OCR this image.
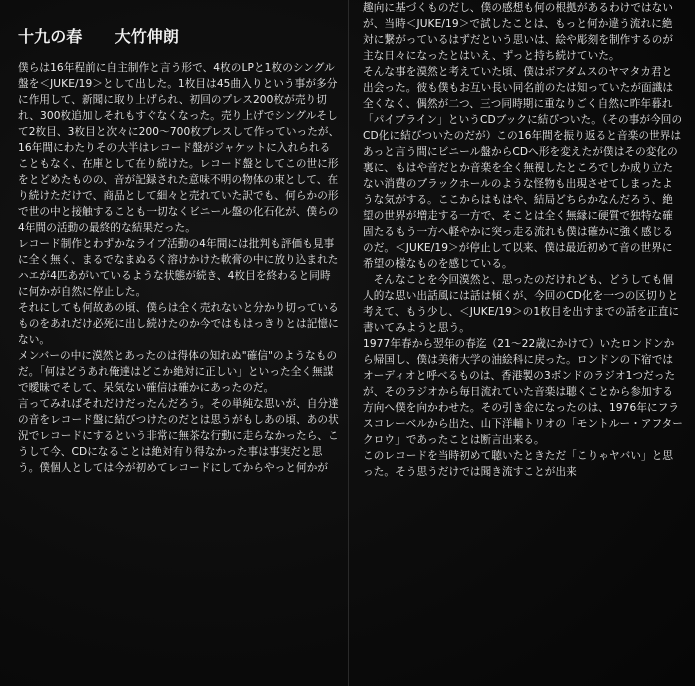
十九の春　　大竹伸朗

僕らは16年程前に自主制作と言う形で、4枚のLPと1枚のシングル盤を＜JUKE/19＞として出した。1枚目は45曲入りという事が多分に作用して、新聞に取り上げられ、初回のプレス200枚が売り切れ、300枚追加しそれもすぐなくなった。売り上げでシングルそして2枚目、3枚目と次々に200〜700枚プレスして作っていったが、16年間にわたりその大半はレコード盤がジャケットに入れられることもなく、在庫として在り続けた。レコード盤としてこの世に形をとどめたものの、音が記録された意味不明の物体の束として、在り続けただけで、商品として細々と売れていた訳でも、何らかの形で世の中と接触することも一切なくビニール盤の化石化が、僕らの4年間の活動の最終的な結果だった。

レコード制作とわずかなライブ活動の4年間には批判も評価も見事に全く無く、まるでなまぬるく溶けかけた軟膏の中に放り込まれたハエが4匹あがいているような状態が続き、4枚目を終わると同時に何かが自然に停止した。

それにしても何故あの頃、僕らは全く売れないと分かり切っているものをあれだけ必死に出し続けたのか今ではもはっきりとは記憶にない。

メンバーの中に漠然とあったのは得体の知れぬ"確信"のようなものだ。「何はどうあれ俺達はどこか絶対に正しい」といった全く無謀で曖昧でそして、呆気ない確信は確かにあったのだ。

言ってみればそれだけだったんだろう。その単純な思いが、自分達の音をレコード盤に結びつけたのだとは思うがもしあの頃、あの状況でレコードにするという非常に無茶な行動に走らなかったら、こうして今、CDになることは絶対有り得なかった事は事実だと思う。僕個人としては今が初めてレコードにしてからやっと何かが

趣向に基づくものだし、僕の感想も何の根拠があるわけではないが、当時＜JUKE/19＞で試したことは、もっと何か違う流れに絶対に繋がっているはずだという思いは、絵や彫刻を制作するのが主な日々になったとはいえ、ずっと持ち続けていた。

そんな事を漠然と考えていた頃、僕はボアダムスのヤマタカ君と出会った。彼も僕もお互い長い同名前のたは知っていたが面識は全くなく、偶然が二つ、三つ同時期に重なりごく自然に昨年暮れ「パイプライン」というCDブックに結びついた。（その事が今回のCD化に結びついたのだが）この16年間を振り返ると音楽の世界はあっと言う間にビニール盤からCDへ形を変えたが僕はその変化の裏に、もはや音だとか音楽を全く無視したところでしか成り立たない消費のブラックホールのような怪物も出現させてしまったような気がする。ここからはもはや、結局どちらかなんだろう、絶望の世界が増走する一方で、そことは全く無縁に硬質で独特な確固たるもう一方へ軽やかに突っ走る流れも僕は確かに強く感じるのだ。＜JUKE/19＞が停止して以来、僕は最近初めて音の世界に希望の様なものを感じている。

そんなことを今回漠然と、思ったのだけれども、どうしても個人的な思い出話風には話は傾くが、今回のCD化を一つの区切りと考えて、もう少し、＜JUKE/19＞の1枚目を出すまでの話を正直に書いてみようと思う。

1977年春から翌年の春迄（21〜22歳にかけて）いたロンドンから帰国し、僕は美術大学の油絵科に戻った。ロンドンの下宿ではオーディオと呼べるものは、香港製の3ボンドのラジオ1つだったが、そのラジオから毎日流れていた音楽は聴くことから参加する方向へ僕を向かわせた。その引き金になったのは、1976年にフラスコレーベルから出た、山下洋輔トリオの「モントルー・アフタークロウ」であったことは断言出来る。

このレコードを当時初めて聴いたときただ「こりゃヤバい」と思った。そう思うだけでは聞き流すことが出来
